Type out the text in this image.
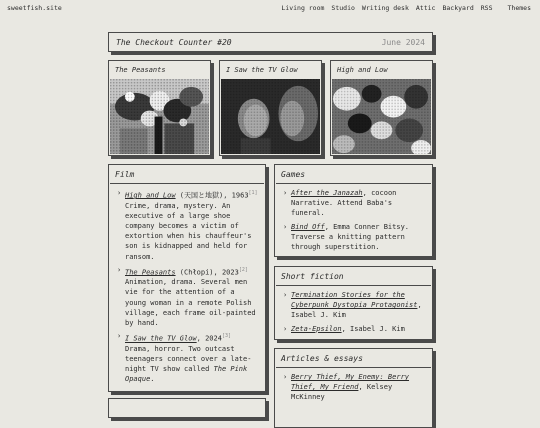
sweetfish.site	Living room Studio Writing desk Attic Backyard RSS Themes
The Checkout Counter #20	June 2024
The Peasants	I Saw the TV Glow	High and Low
Film
› High and Low (天国と地獄), 1963[1] Crime, drama, mystery. An executive of a large shoe company becomes a victim of extortion when his chauffeur's son is kidnapped and held for ransom.
› The Peasants (Chłopi), 2023[2] Animation, drama. Several men vie for the attention of a young woman in a remote Polish village, each frame oil-painted by hand.
› I Saw the TV Glow, 2024[3] Drama, horror. Two outcast teenagers connect over a late-night TV show called The Pink Opaque.
Games
› After the Janazah, cocoon Narrative. Attend Baba's funeral.
› Bind Off, Emma Conner Bitsy. Traverse a knitting pattern through superstition.
Short fiction
› Termination Stories for the Cyberpunk Dystopia Protagonist, Isabel J. Kim
› Zeta-Epsilon, Isabel J. Kim
Articles & essays
› Berry Thief, My Enemy: Berry Thief, My Friend, Kelsey McKinney
